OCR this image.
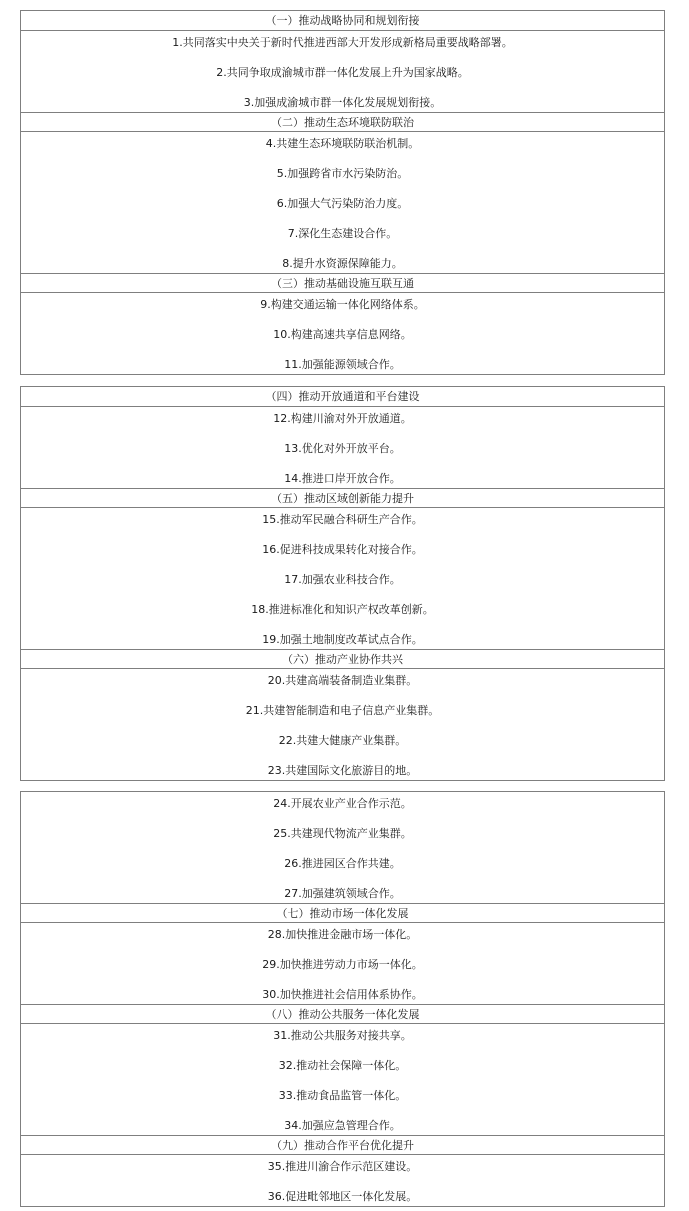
（一）推动战略协同和规划衔接
1.共同落实中央关于新时代推进西部大开发形成新格局重要战略部署。
2.共同争取成渝城市群一体化发展上升为国家战略。
3.加强成渝城市群一体化发展规划衔接。
（二）推动生态环境联防联治
4.共建生态环境联防联治机制。
5.加强跨省市水污染防治。
6.加强大气污染防治力度。
7.深化生态建设合作。
8.提升水资源保障能力。
（三）推动基础设施互联互通
9.构建交通运输一体化网络体系。
10.构建高速共享信息网络。
11.加强能源领域合作。
（四）推动开放通道和平台建设
12.构建川渝对外开放通道。
13.优化对外开放平台。
14.推进口岸开放合作。
（五）推动区域创新能力提升
15.推动军民融合科研生产合作。
16.促进科技成果转化对接合作。
17.加强农业科技合作。
18.推进标准化和知识产权改革创新。
19.加强土地制度改革试点合作。
（六）推动产业协作共兴
20.共建高端装备制造业集群。
21.共建智能制造和电子信息产业集群。
22.共建大健康产业集群。
23.共建国际文化旅游目的地。
24.开展农业产业合作示范。
25.共建现代物流产业集群。
26.推进园区合作共建。
27.加强建筑领域合作。
（七）推动市场一体化发展
28.加快推进金融市场一体化。
29.加快推进劳动力市场一体化。
30.加快推进社会信用体系协作。
（八）推动公共服务一体化发展
31.推动公共服务对接共享。
32.推动社会保障一体化。
33.推动食品监管一体化。
34.加强应急管理合作。
（九）推动合作平台优化提升
35.推进川渝合作示范区建设。
36.促进毗邻地区一体化发展。
